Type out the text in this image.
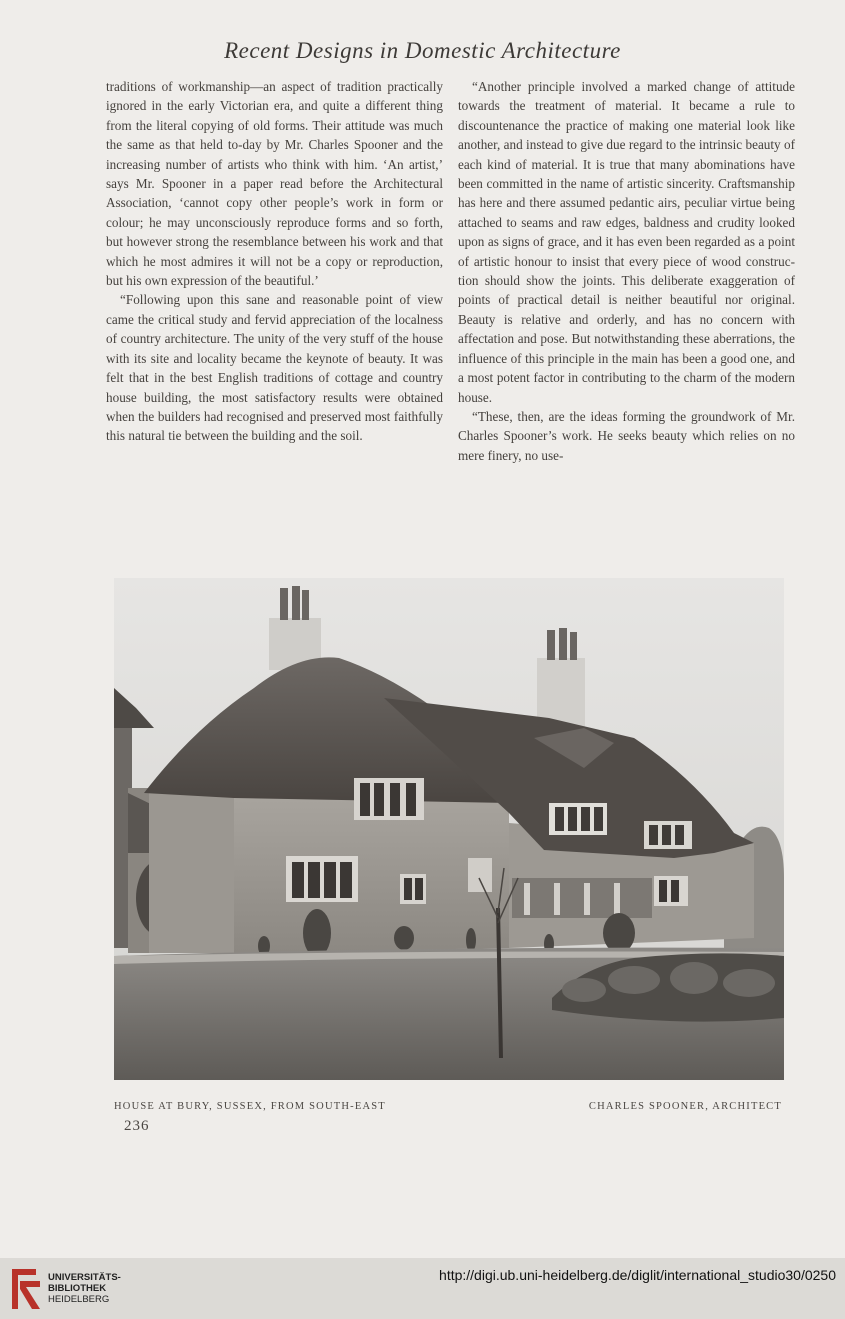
Recent Designs in Domestic Architecture

traditions of workmanship—an aspect of tradition practically ignored in the early Victorian era, and quite a different thing from the literal copying of old forms. Their attitude was much the same as that held to-day by Mr. Charles Spooner and the increasing number of artists who think with him. ‘An artist,’ says Mr. Spooner in a paper read before the Architectural Association, ‘cannot copy other people’s work in form or colour; he may unconsciously reproduce forms and so forth, but however strong the resemblance between his work and that which he most admires it will not be a copy or reproduction, but his own expression of the beautiful.’

“Following upon this sane and reasonable point of view came the critical study and fervid appreciation of the localness of country architecture. The unity of the very stuff of the house with its site and locality became the keynote of beauty. It was felt that in the best English traditions of cottage and country house building, the most satisfactory results were obtained when the builders had recognised and preserved most faithfully this natural tie between the building and the soil.

“Another principle involved a marked change of attitude towards the treatment of material. It became a rule to discountenance the practice of making one material look like another, and instead to give due regard to the intrinsic beauty of each kind of material. It is true that many abominations have been committed in the name of artistic sincerity. Craftsmanship has here and there assumed pedantic airs, peculiar virtue being attached to seams and raw edges, baldness and crudity looked upon as signs of grace, and it has even been regarded as a point of artistic honour to insist that every piece of wood construction should show the joints. This deliberate exaggeration of points of practical detail is neither beautiful nor original. Beauty is relative and orderly, and has no concern with affectation and pose. But notwithstanding these aberrations, the influence of this principle in the main has been a good one, and a most potent factor in contributing to the charm of the modern house.

“These, then, are the ideas forming the groundwork of Mr. Charles Spooner’s work. He seeks beauty which relies on no mere finery, no use-

HOUSE AT BURY, SUSSEX, FROM SOUTH-EAST	CHARLES SPOONER, ARCHITECT
236
UNIVERSITÄTS-
BIBLIOTHEK
HEIDELBERG
http://digi.ub.uni-heidelberg.de/diglit/international_studio30/0250
